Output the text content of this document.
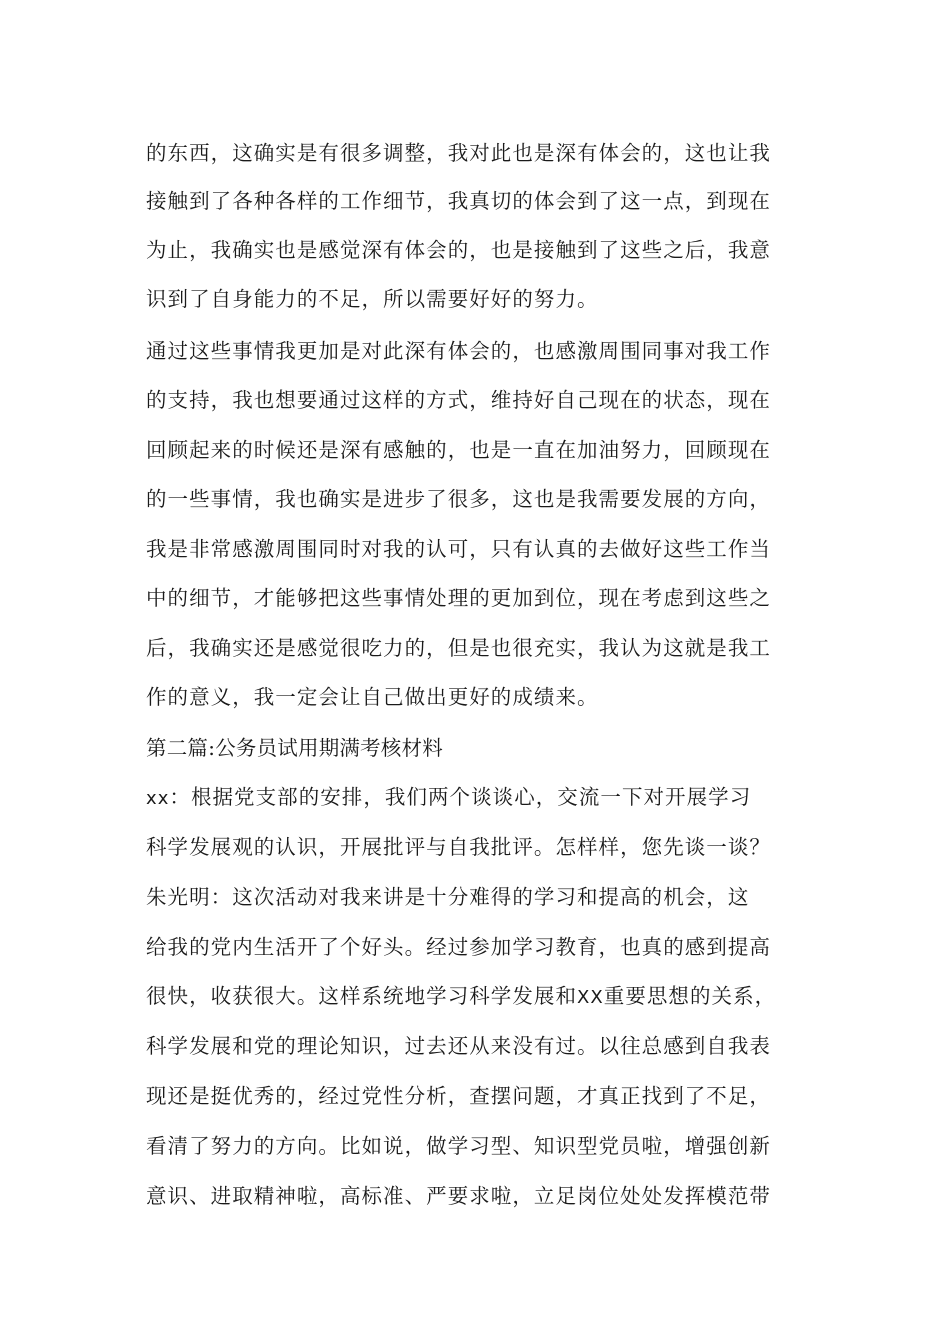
的东西，这确实是有很多调整，我对此也是深有体会的，这也让我
接触到了各种各样的工作细节，我真切的体会到了这一点，到现在
为止，我确实也是感觉深有体会的，也是接触到了这些之后，我意
识到了自身能力的不足，所以需要好好的努力。
通过这些事情我更加是对此深有体会的，也感激周围同事对我工作
的支持，我也想要通过这样的方式，维持好自己现在的状态，现在
回顾起来的时候还是深有感触的，也是一直在加油努力，回顾现在
的一些事情，我也确实是进步了很多，这也是我需要发展的方向，
我是非常感激周围同时对我的认可，只有认真的去做好这些工作当
中的细节，才能够把这些事情处理的更加到位，现在考虑到这些之
后，我确实还是感觉很吃力的，但是也很充实，我认为这就是我工
作的意义，我一定会让自己做出更好的成绩来。
第二篇:公务员试用期满考核材料
xx：根据党支部的安排，我们两个谈谈心，交流一下对开展学习
科学发展观的认识，开展批评与自我批评。怎样样，您先谈一谈？
朱光明：这次活动对我来讲是十分难得的学习和提高的机会，这
给我的党内生活开了个好头。经过参加学习教育，也真的感到提高
很快，收获很大。这样系统地学习科学发展和XX重要思想的关系，
科学发展和党的理论知识，过去还从来没有过。以往总感到自我表
现还是挺优秀的，经过党性分析，查摆问题，才真正找到了不足，
看清了努力的方向。比如说，做学习型、知识型党员啦，增强创新
意识、进取精神啦，高标准、严要求啦，立足岗位处处发挥模范带
